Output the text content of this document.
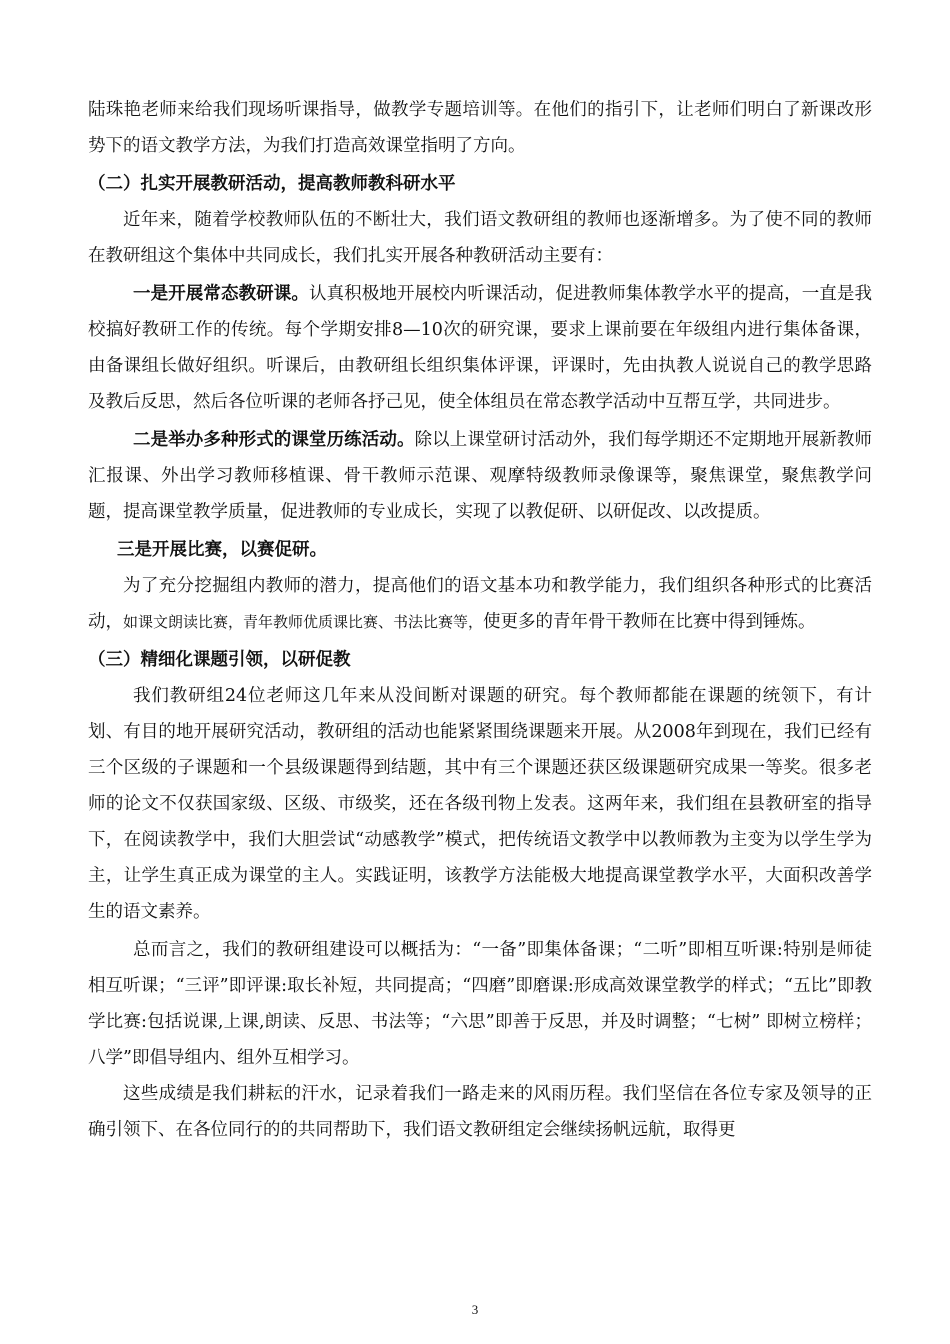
陆珠艳老师来给我们现场听课指导，做教学专题培训等。在他们的指引下，让老师们明白了新课改形势下的语文教学方法，为我们打造高效课堂指明了方向。

（二）扎实开展教研活动，提高教师教科研水平

近年来，随着学校教师队伍的不断壮大，我们语文教研组的教师也逐渐增多。为了使不同的教师在教研组这个集体中共同成长，我们扎实开展各种教研活动主要有：

一是开展常态教研课。认真积极地开展校内听课活动，促进教师集体教学水平的提高，一直是我校搞好教研工作的传统。每个学期安排8—10次的研究课，要求上课前要在年级组内进行集体备课，由备课组长做好组织。听课后，由教研组长组织集体评课，评课时，先由执教人说说自己的教学思路及教后反思，然后各位听课的老师各抒己见，使全体组员在常态教学活动中互帮互学，共同进步。

二是举办多种形式的课堂历练活动。除以上课堂研讨活动外，我们每学期还不定期地开展新教师汇报课、外出学习教师移植课、骨干教师示范课、观摩特级教师录像课等，聚焦课堂，聚焦教学问题，提高课堂教学质量，促进教师的专业成长，实现了以教促研、以研促改、以改提质。

三是开展比赛，以赛促研。

为了充分挖掘组内教师的潜力，提高他们的语文基本功和教学能力，我们组织各种形式的比赛活动，如课文朗读比赛，青年教师优质课比赛、书法比赛等，使更多的青年骨干教师在比赛中得到锤炼。

（三）精细化课题引领，以研促教

我们教研组24位老师这几年来从没间断对课题的研究。每个教师都能在课题的统领下，有计划、有目的地开展研究活动，教研组的活动也能紧紧围绕课题来开展。从2008年到现在，我们已经有三个区级的子课题和一个县级课题得到结题，其中有三个课题还获区级课题研究成果一等奖。很多老师的论文不仅获国家级、区级、市级奖，还在各级刊物上发表。这两年来，我们组在县教研室的指导下，在阅读教学中，我们大胆尝试“动感教学”模式，把传统语文教学中以教师教为主变为以学生学为主，让学生真正成为课堂的主人。实践证明，该教学方法能极大地提高课堂教学水平，大面积改善学生的语文素养。

总而言之，我们的教研组建设可以概括为：“一备”即集体备课；“二听”即相互听课:特别是师徒相互听课；“三评”即评课:取长补短，共同提高；“四磨”即磨课:形成高效课堂教学的样式；“五比”即教学比赛:包括说课,上课,朗读、反思、书法等；“六思”即善于反思，并及时调整；“七树” 即树立榜样；八学”即倡导组内、组外互相学习。

这些成绩是我们耕耘的汗水，记录着我们一路走来的风雨历程。我们坚信在各位专家及领导的正确引领下、在各位同行的的共同帮助下，我们语文教研组定会继续扬帆远航，取得更

3
